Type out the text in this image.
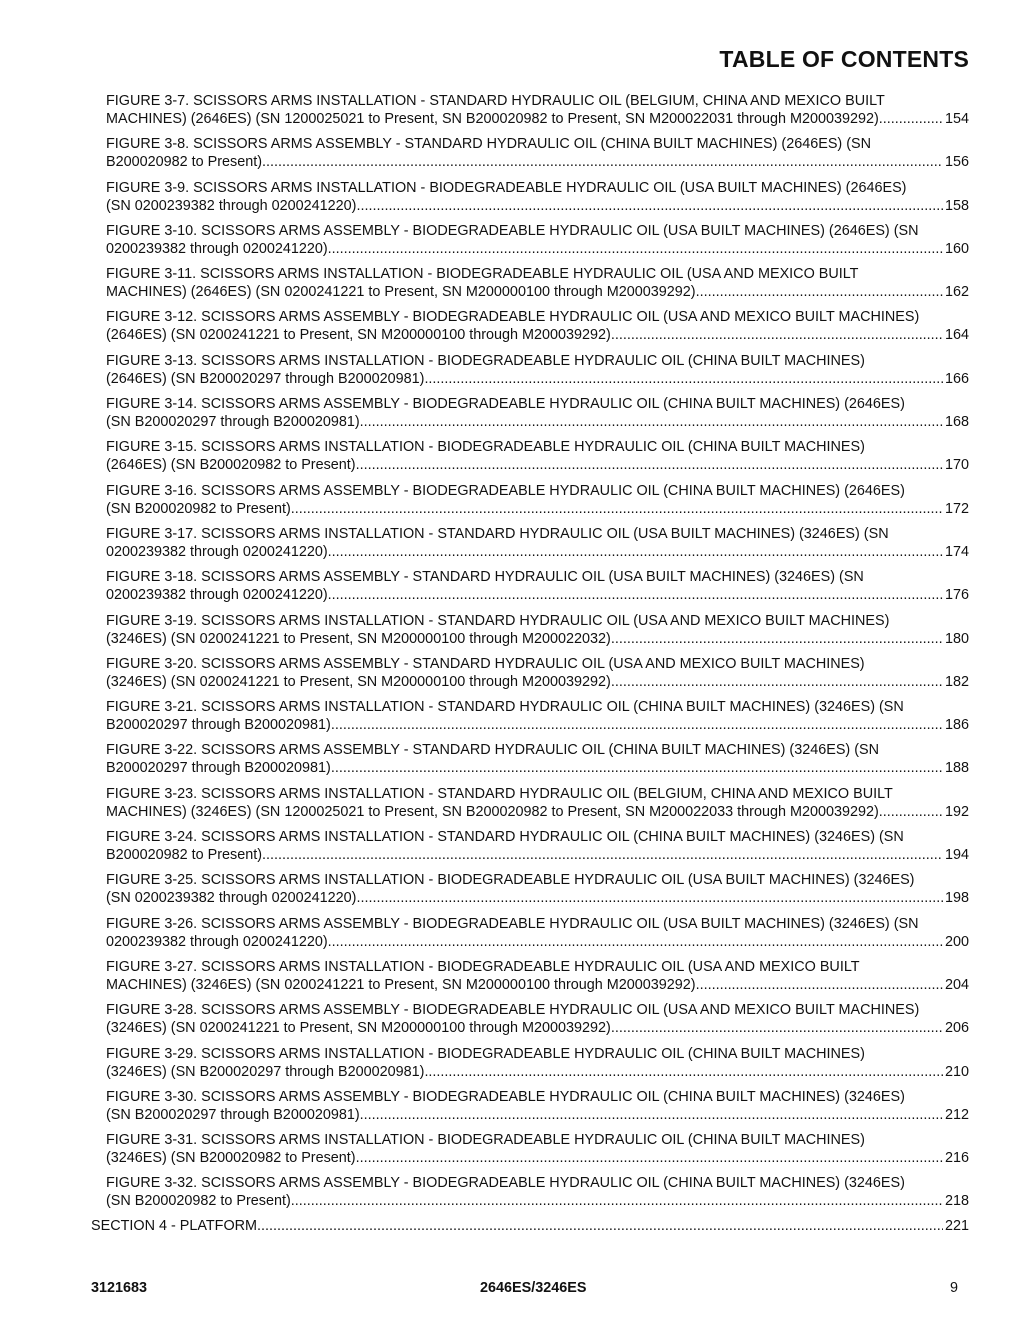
TABLE OF CONTENTS
FIGURE 3-7. SCISSORS ARMS INSTALLATION - STANDARD HYDRAULIC OIL (BELGIUM, CHINA AND MEXICO BUILT
MACHINES) (2646ES) (SN 1200025021 to Present, SN B200020982 to Present, SN M200022031 through M200039292) .....	154
FIGURE 3-8. SCISSORS ARMS ASSEMBLY - STANDARD HYDRAULIC OIL (CHINA BUILT MACHINES) (2646ES) (SN
B200020982 to Present) .....	156
FIGURE 3-9. SCISSORS ARMS INSTALLATION - BIODEGRADEABLE HYDRAULIC OIL (USA BUILT MACHINES) (2646ES)
(SN 0200239382 through 0200241220) .....	158
FIGURE 3-10. SCISSORS ARMS ASSEMBLY - BIODEGRADEABLE HYDRAULIC OIL (USA BUILT MACHINES) (2646ES) (SN
0200239382 through 0200241220) .....	160
FIGURE 3-11. SCISSORS ARMS INSTALLATION - BIODEGRADEABLE HYDRAULIC OIL (USA AND MEXICO BUILT
MACHINES) (2646ES) (SN 0200241221 to Present, SN M200000100 through M200039292) .....	162
FIGURE 3-12. SCISSORS ARMS ASSEMBLY - BIODEGRADEABLE HYDRAULIC OIL (USA AND MEXICO BUILT MACHINES)
(2646ES) (SN 0200241221 to Present, SN M200000100 through M200039292) .....	164
FIGURE 3-13. SCISSORS ARMS INSTALLATION - BIODEGRADEABLE HYDRAULIC OIL (CHINA BUILT MACHINES)
(2646ES) (SN B200020297 through B200020981) .....	166
FIGURE 3-14. SCISSORS ARMS ASSEMBLY - BIODEGRADEABLE HYDRAULIC OIL (CHINA BUILT MACHINES) (2646ES)
(SN B200020297 through B200020981) .....	168
FIGURE 3-15. SCISSORS ARMS INSTALLATION - BIODEGRADEABLE HYDRAULIC OIL (CHINA BUILT MACHINES)
(2646ES) (SN B200020982 to Present) .....	170
FIGURE 3-16. SCISSORS ARMS ASSEMBLY - BIODEGRADEABLE HYDRAULIC OIL (CHINA BUILT MACHINES) (2646ES)
(SN B200020982 to Present) .....	172
FIGURE 3-17. SCISSORS ARMS INSTALLATION - STANDARD HYDRAULIC OIL (USA BUILT MACHINES) (3246ES) (SN
0200239382 through 0200241220) .....	174
FIGURE 3-18. SCISSORS ARMS ASSEMBLY - STANDARD HYDRAULIC OIL (USA BUILT MACHINES) (3246ES) (SN
0200239382 through 0200241220) .....	176
FIGURE 3-19. SCISSORS ARMS INSTALLATION - STANDARD HYDRAULIC OIL (USA AND MEXICO BUILT MACHINES)
(3246ES) (SN 0200241221 to Present, SN M200000100 through M200022032) .....	180
FIGURE 3-20. SCISSORS ARMS ASSEMBLY - STANDARD HYDRAULIC OIL (USA AND MEXICO BUILT MACHINES)
(3246ES) (SN 0200241221 to Present, SN M200000100 through M200039292) .....	182
FIGURE 3-21. SCISSORS ARMS INSTALLATION - STANDARD HYDRAULIC OIL (CHINA BUILT MACHINES) (3246ES) (SN
B200020297 through B200020981) .....	186
FIGURE 3-22. SCISSORS ARMS ASSEMBLY - STANDARD HYDRAULIC OIL (CHINA BUILT MACHINES) (3246ES) (SN
B200020297 through B200020981) .....	188
FIGURE 3-23. SCISSORS ARMS INSTALLATION - STANDARD HYDRAULIC OIL (BELGIUM, CHINA AND MEXICO BUILT
MACHINES) (3246ES) (SN 1200025021 to Present, SN B200020982 to Present, SN M200022033 through M200039292) .....	192
FIGURE 3-24. SCISSORS ARMS INSTALLATION - STANDARD HYDRAULIC OIL (CHINA BUILT MACHINES) (3246ES) (SN
B200020982 to Present) .....	194
FIGURE 3-25. SCISSORS ARMS INSTALLATION - BIODEGRADEABLE HYDRAULIC OIL (USA BUILT MACHINES) (3246ES)
(SN 0200239382 through 0200241220) .....	198
FIGURE 3-26. SCISSORS ARMS ASSEMBLY - BIODEGRADEABLE HYDRAULIC OIL (USA BUILT MACHINES) (3246ES) (SN
0200239382 through 0200241220) .....	200
FIGURE 3-27. SCISSORS ARMS INSTALLATION - BIODEGRADEABLE HYDRAULIC OIL (USA AND MEXICO BUILT
MACHINES) (3246ES) (SN 0200241221 to Present, SN M200000100 through M200039292) .....	204
FIGURE 3-28. SCISSORS ARMS ASSEMBLY - BIODEGRADEABLE HYDRAULIC OIL (USA AND MEXICO BUILT MACHINES)
(3246ES) (SN 0200241221 to Present, SN M200000100 through M200039292) .....	206
FIGURE 3-29. SCISSORS ARMS INSTALLATION - BIODEGRADEABLE HYDRAULIC OIL (CHINA BUILT MACHINES)
(3246ES) (SN B200020297 through B200020981) .....	210
FIGURE 3-30. SCISSORS ARMS ASSEMBLY - BIODEGRADEABLE HYDRAULIC OIL (CHINA BUILT MACHINES) (3246ES)
(SN B200020297 through B200020981) .....	212
FIGURE 3-31. SCISSORS ARMS INSTALLATION - BIODEGRADEABLE HYDRAULIC OIL (CHINA BUILT MACHINES)
(3246ES) (SN B200020982 to Present) .....	216
FIGURE 3-32. SCISSORS ARMS ASSEMBLY - BIODEGRADEABLE HYDRAULIC OIL (CHINA BUILT MACHINES) (3246ES)
(SN B200020982 to Present) .....	218
SECTION 4 - PLATFORM .....	221
3121683	2646ES/3246ES	9
